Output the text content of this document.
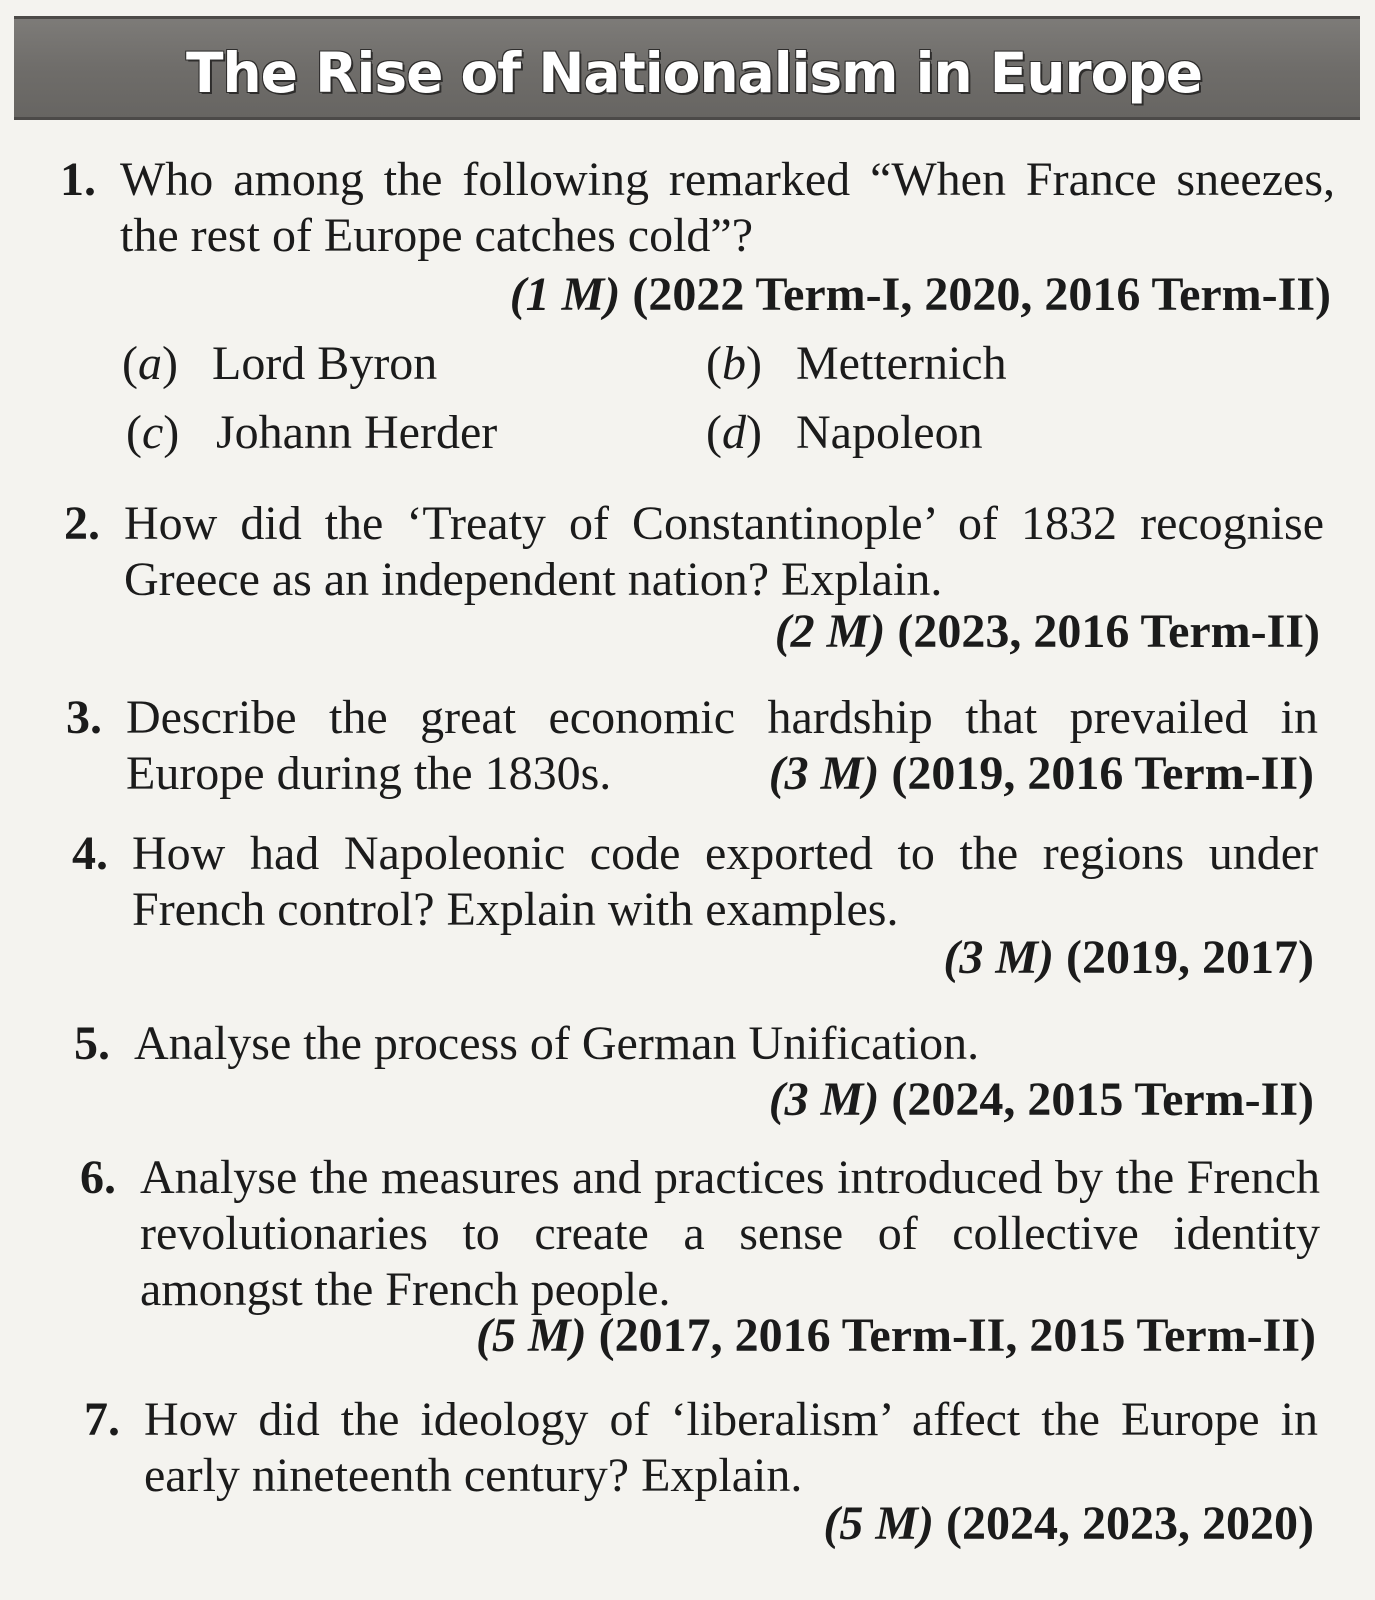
The Rise of Nationalism in Europe
1. Who among the following remarked “When France sneezes, the rest of Europe catches cold”?
(1 M) (2022 Term-I, 2020, 2016 Term-II)
(a) Lord Byron	(b) Metternich
(c) Johann Herder	(d) Napoleon
2. How did the ‘Treaty of Constantinople’ of 1832 recognise Greece as an independent nation? Explain.
(2 M) (2023, 2016 Term-II)
3. Describe the great economic hardship that prevailed in Europe during the 1830s.	(3 M) (2019, 2016 Term-II)
4. How had Napoleonic code exported to the regions under French control? Explain with examples.
(3 M) (2019, 2017)
5. Analyse the process of German Unification.
(3 M) (2024, 2015 Term-II)
6. Analyse the measures and practices introduced by the French revolutionaries to create a sense of collective identity amongst the French people.
(5 M) (2017, 2016 Term-II, 2015 Term-II)
7. How did the ideology of ‘liberalism’ affect the Europe in early nineteenth century? Explain.
(5 M) (2024, 2023, 2020)
